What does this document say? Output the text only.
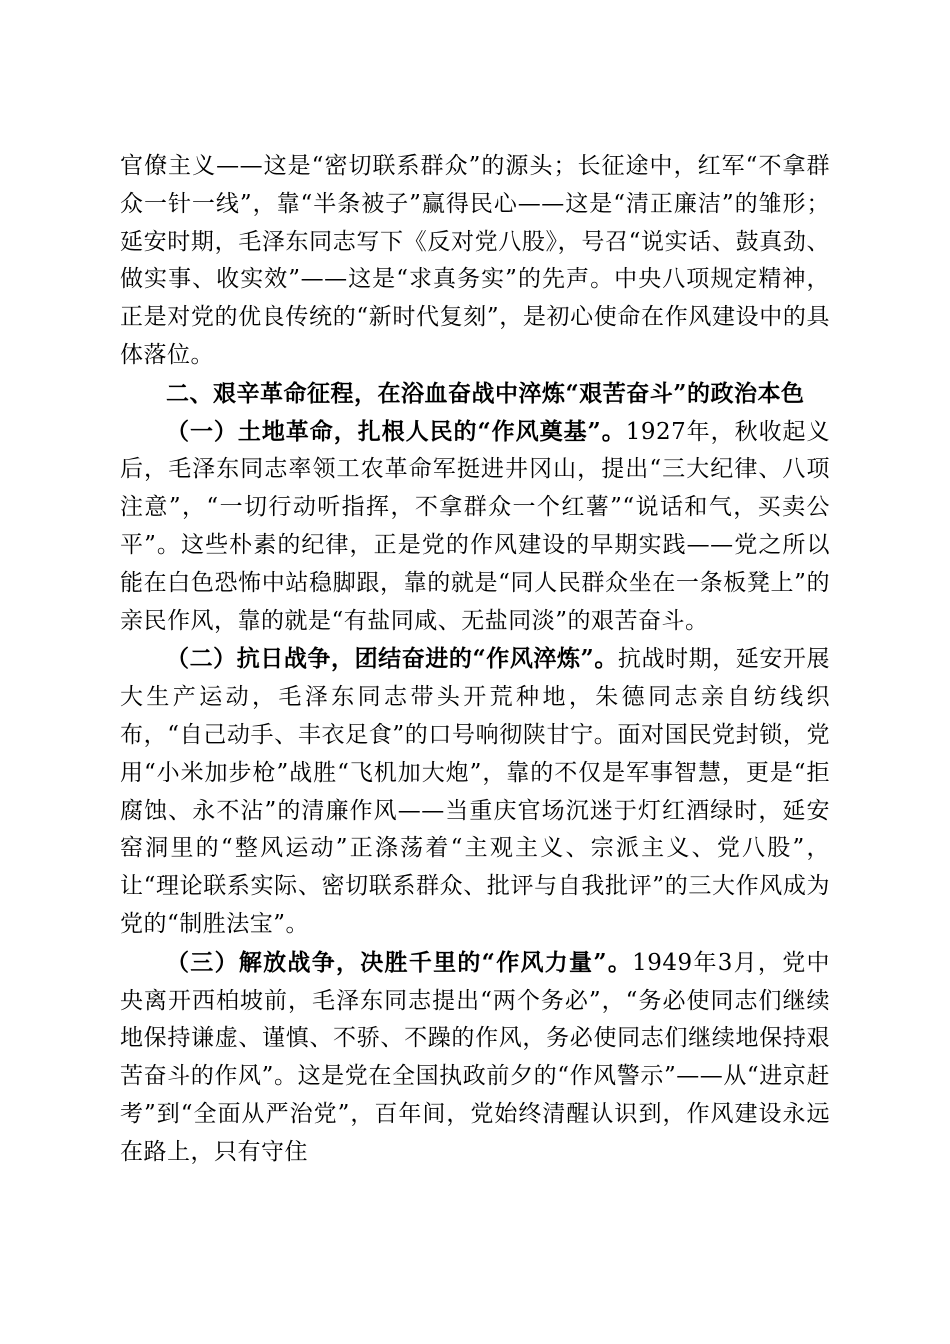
官僚主义——这是“密切联系群众”的源头；长征途中，红军“不拿群众一针一线”，靠“半条被子”赢得民心——这是“清正廉洁”的雏形；延安时期，毛泽东同志写下《反对党八股》，号召“说实话、鼓真劲、做实事、收实效”——这是“求真务实”的先声。中央八项规定精神，正是对党的优良传统的“新时代复刻”，是初心使命在作风建设中的具体落位。

二、艰辛革命征程，在浴血奋战中淬炼“艰苦奋斗”的政治本色

（一）土地革命，扎根人民的“作风奠基”。1927年，秋收起义后，毛泽东同志率领工农革命军挺进井冈山，提出“三大纪律、八项注意”，“一切行动听指挥，不拿群众一个红薯”“说话和气，买卖公平”。这些朴素的纪律，正是党的作风建设的早期实践——党之所以能在白色恐怖中站稳脚跟，靠的就是“同人民群众坐在一条板凳上”的亲民作风，靠的就是“有盐同咸、无盐同淡”的艰苦奋斗。

（二）抗日战争，团结奋进的“作风淬炼”。抗战时期，延安开展大生产运动，毛泽东同志带头开荒种地，朱德同志亲自纺线织布，“自己动手、丰衣足食”的口号响彻陕甘宁。面对国民党封锁，党用“小米加步枪”战胜“飞机加大炮”，靠的不仅是军事智慧，更是“拒腐蚀、永不沾”的清廉作风——当重庆官场沉迷于灯红酒绿时，延安窑洞里的“整风运动”正涤荡着“主观主义、宗派主义、党八股”，让“理论联系实际、密切联系群众、批评与自我批评”的三大作风成为党的“制胜法宝”。

（三）解放战争，决胜千里的“作风力量”。1949年3月，党中央离开西柏坡前，毛泽东同志提出“两个务必”，“务必使同志们继续地保持谦虚、谨慎、不骄、不躁的作风，务必使同志们继续地保持艰苦奋斗的作风”。这是党在全国执政前夕的“作风警示”——从“进京赶考”到“全面从严治党”，百年间，党始终清醒认识到，作风建设永远在路上，只有守住
